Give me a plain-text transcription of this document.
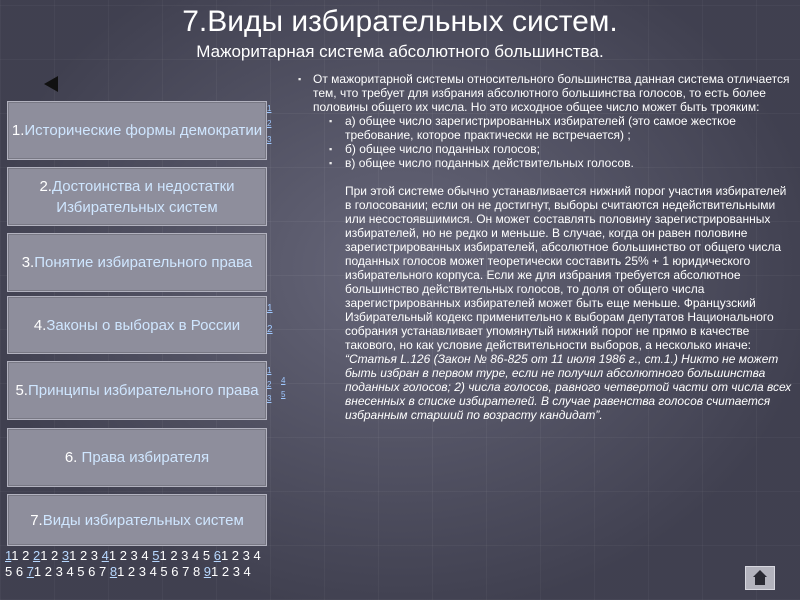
7.Виды избирательных систем.
Мажоритарная система абсолютного большинства.
1.Исторические формы демократии
2.Достоинства и недостатки Избирательных систем
3.Понятие избирательного права
4.Законы о выборах в России
5.Принципы избирательного права
6. Права избирателя
7.Виды избирательных систем
1
2
3
1
2
1
2
3
4
5
11 2 21 2 31 2 3 41 2 3 4 51 2 3 4 5 61 2 3 4 5 6 71 2 3 4 5 6 7 81 2 3 4 5 6 7 8 91 2 3 4
▪ От мажоритарной системы относительного большинства данная система отличается тем, что требует для избрания абсолютного большинства голосов, то есть более половины общего их числа. Но это исходное общее число может быть трояким:
▪ а) общее число зарегистрированных избирателей (это самое жесткое требование, которое практически не встречается) ;
▪ б) общее число поданных голосов;
▪ в) общее число поданных действительных голосов.
При этой системе обычно устанавливается нижний порог участия избирателей в голосовании; если он не достигнут, выборы считаются недействительными или несостоявшимися. Он может составлять половину зарегистрированных избирателей, но не редко и меньше. В случае, когда он равен половине зарегистрированных избирателей, абсолютное большинство от общего числа поданных голосов может теоретически составить 25% + 1 юридического избирательного корпуса. Если же для избрания требуется абсолютное большинство действительных голосов, то доля от общего числа зарегистрированных избирателей может быть еще меньше. Французский Избирательный кодекс применительно к выборам депутатов Национального собрания устанавливает упомянутый нижний порог не прямо в качестве такового, но как условие действительности выборов, а несколько иначе: “Статья L.126 (Закон № 86-825 от 11 июля 1986 г., ст.1.) Никто не может быть избран в первом туре, если не получил абсолютного большинства поданных голосов; 2) числа голосов, равного четвертой части от числа всех внесенных в списке избирателей. В случае равенства голосов считается избранным старший по возрасту кандидат”.
